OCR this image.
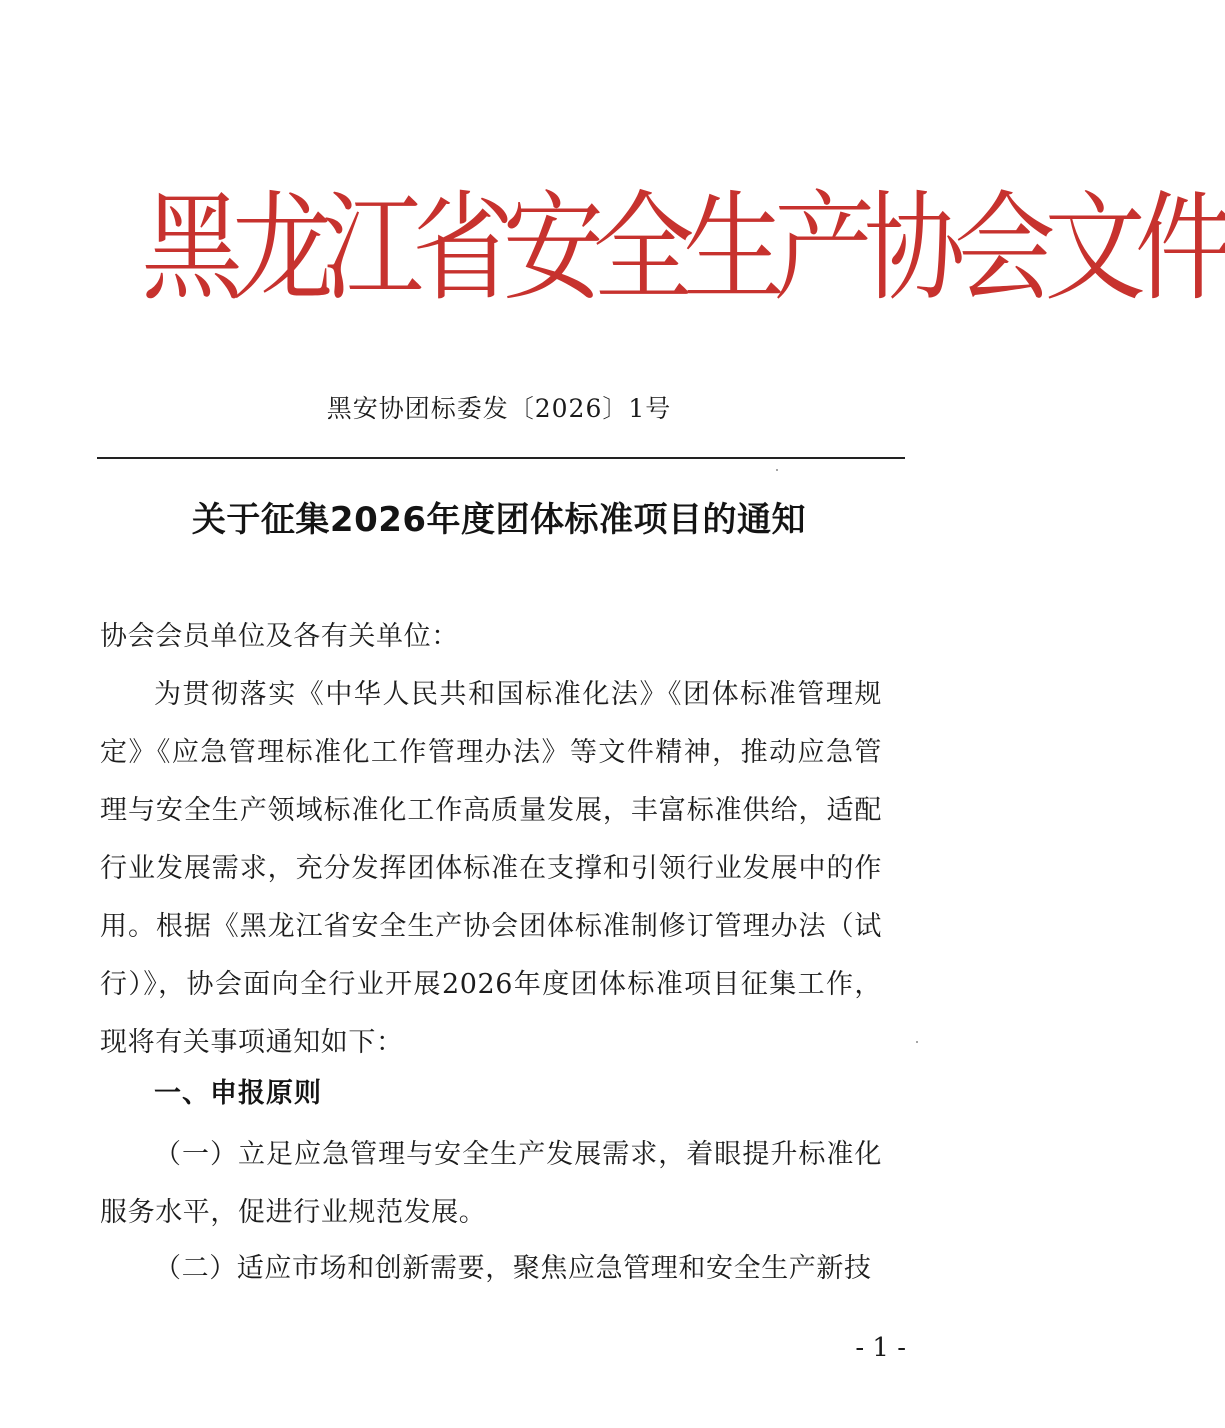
黑龙江省安全生产协会文件
黑安协团标委发〔2026〕1号
关于征集2026年度团体标准项目的通知
协会会员单位及各有关单位：
为贯彻落实《中华人民共和国标准化法》《团体标准管理规定》《应急管理标准化工作管理办法》等文件精神，推动应急管理与安全生产领域标准化工作高质量发展，丰富标准供给，适配行业发展需求，充分发挥团体标准在支撑和引领行业发展中的作用。根据《黑龙江省安全生产协会团体标准制修订管理办法（试行）》，协会面向全行业开展2026年度团体标准项目征集工作，现将有关事项通知如下：
一、申报原则
（一）立足应急管理与安全生产发展需求，着眼提升标准化服务水平，促进行业规范发展。
（二）适应市场和创新需要，聚焦应急管理和安全生产新技
- 1 -
